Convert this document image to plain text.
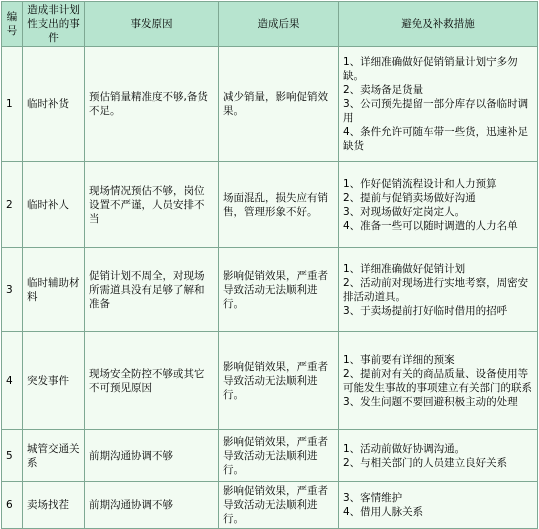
编号	造成非计划性支出的事件	事发原因	造成后果	避免及补救措施
1	临时补货	预估销量精准度不够,备货不足。	减少销量，影响促销效果。	1、详细准确做好促销销量计划宁多勿缺。
2、卖场备足货量
3、公司预先提留一部分库存以备临时调用
4、条件允许可随车带一些货，迅速补足缺货

2	临时补人	现场情况预估不够，岗位设置不严谨，人员安排不当	场面混乱，损失应有销售，管理形象不好。	1、作好促销流程设计和人力预算
2、提前与促销卖场做好沟通
3、对现场做好定岗定人。
4、准备一些可以随时调遣的人力名单

3	临时辅助材料	促销计划不周全，对现场所需道具没有足够了解和准备	影响促销效果，严重者导致活动无法顺利进行。	1、详细准确做好促销计划
2、活动前对现场进行实地考察，周密安排活动道具。
3、于卖场提前打好临时借用的招呼

4	突发事件	现场安全防控不够或其它不可预见原因	影响促销效果，严重者导致活动无法顺利进行。	1、事前要有详细的预案
2、提前对有关的商品质量、设备使用等可能发生事故的事项建立有关部门的联系
3、发生问题不要回避积极主动的处理

5	城管交通关系	前期沟通协调不够	影响促销效果，严重者导致活动无法顺利进行。	1、活动前做好协调沟通。
2、与相关部门的人员建立良好关系

6	卖场找茬	前期沟通协调不够	影响促销效果，严重者导致活动无法顺利进行。	3、客情维护
4、借用人脉关系
